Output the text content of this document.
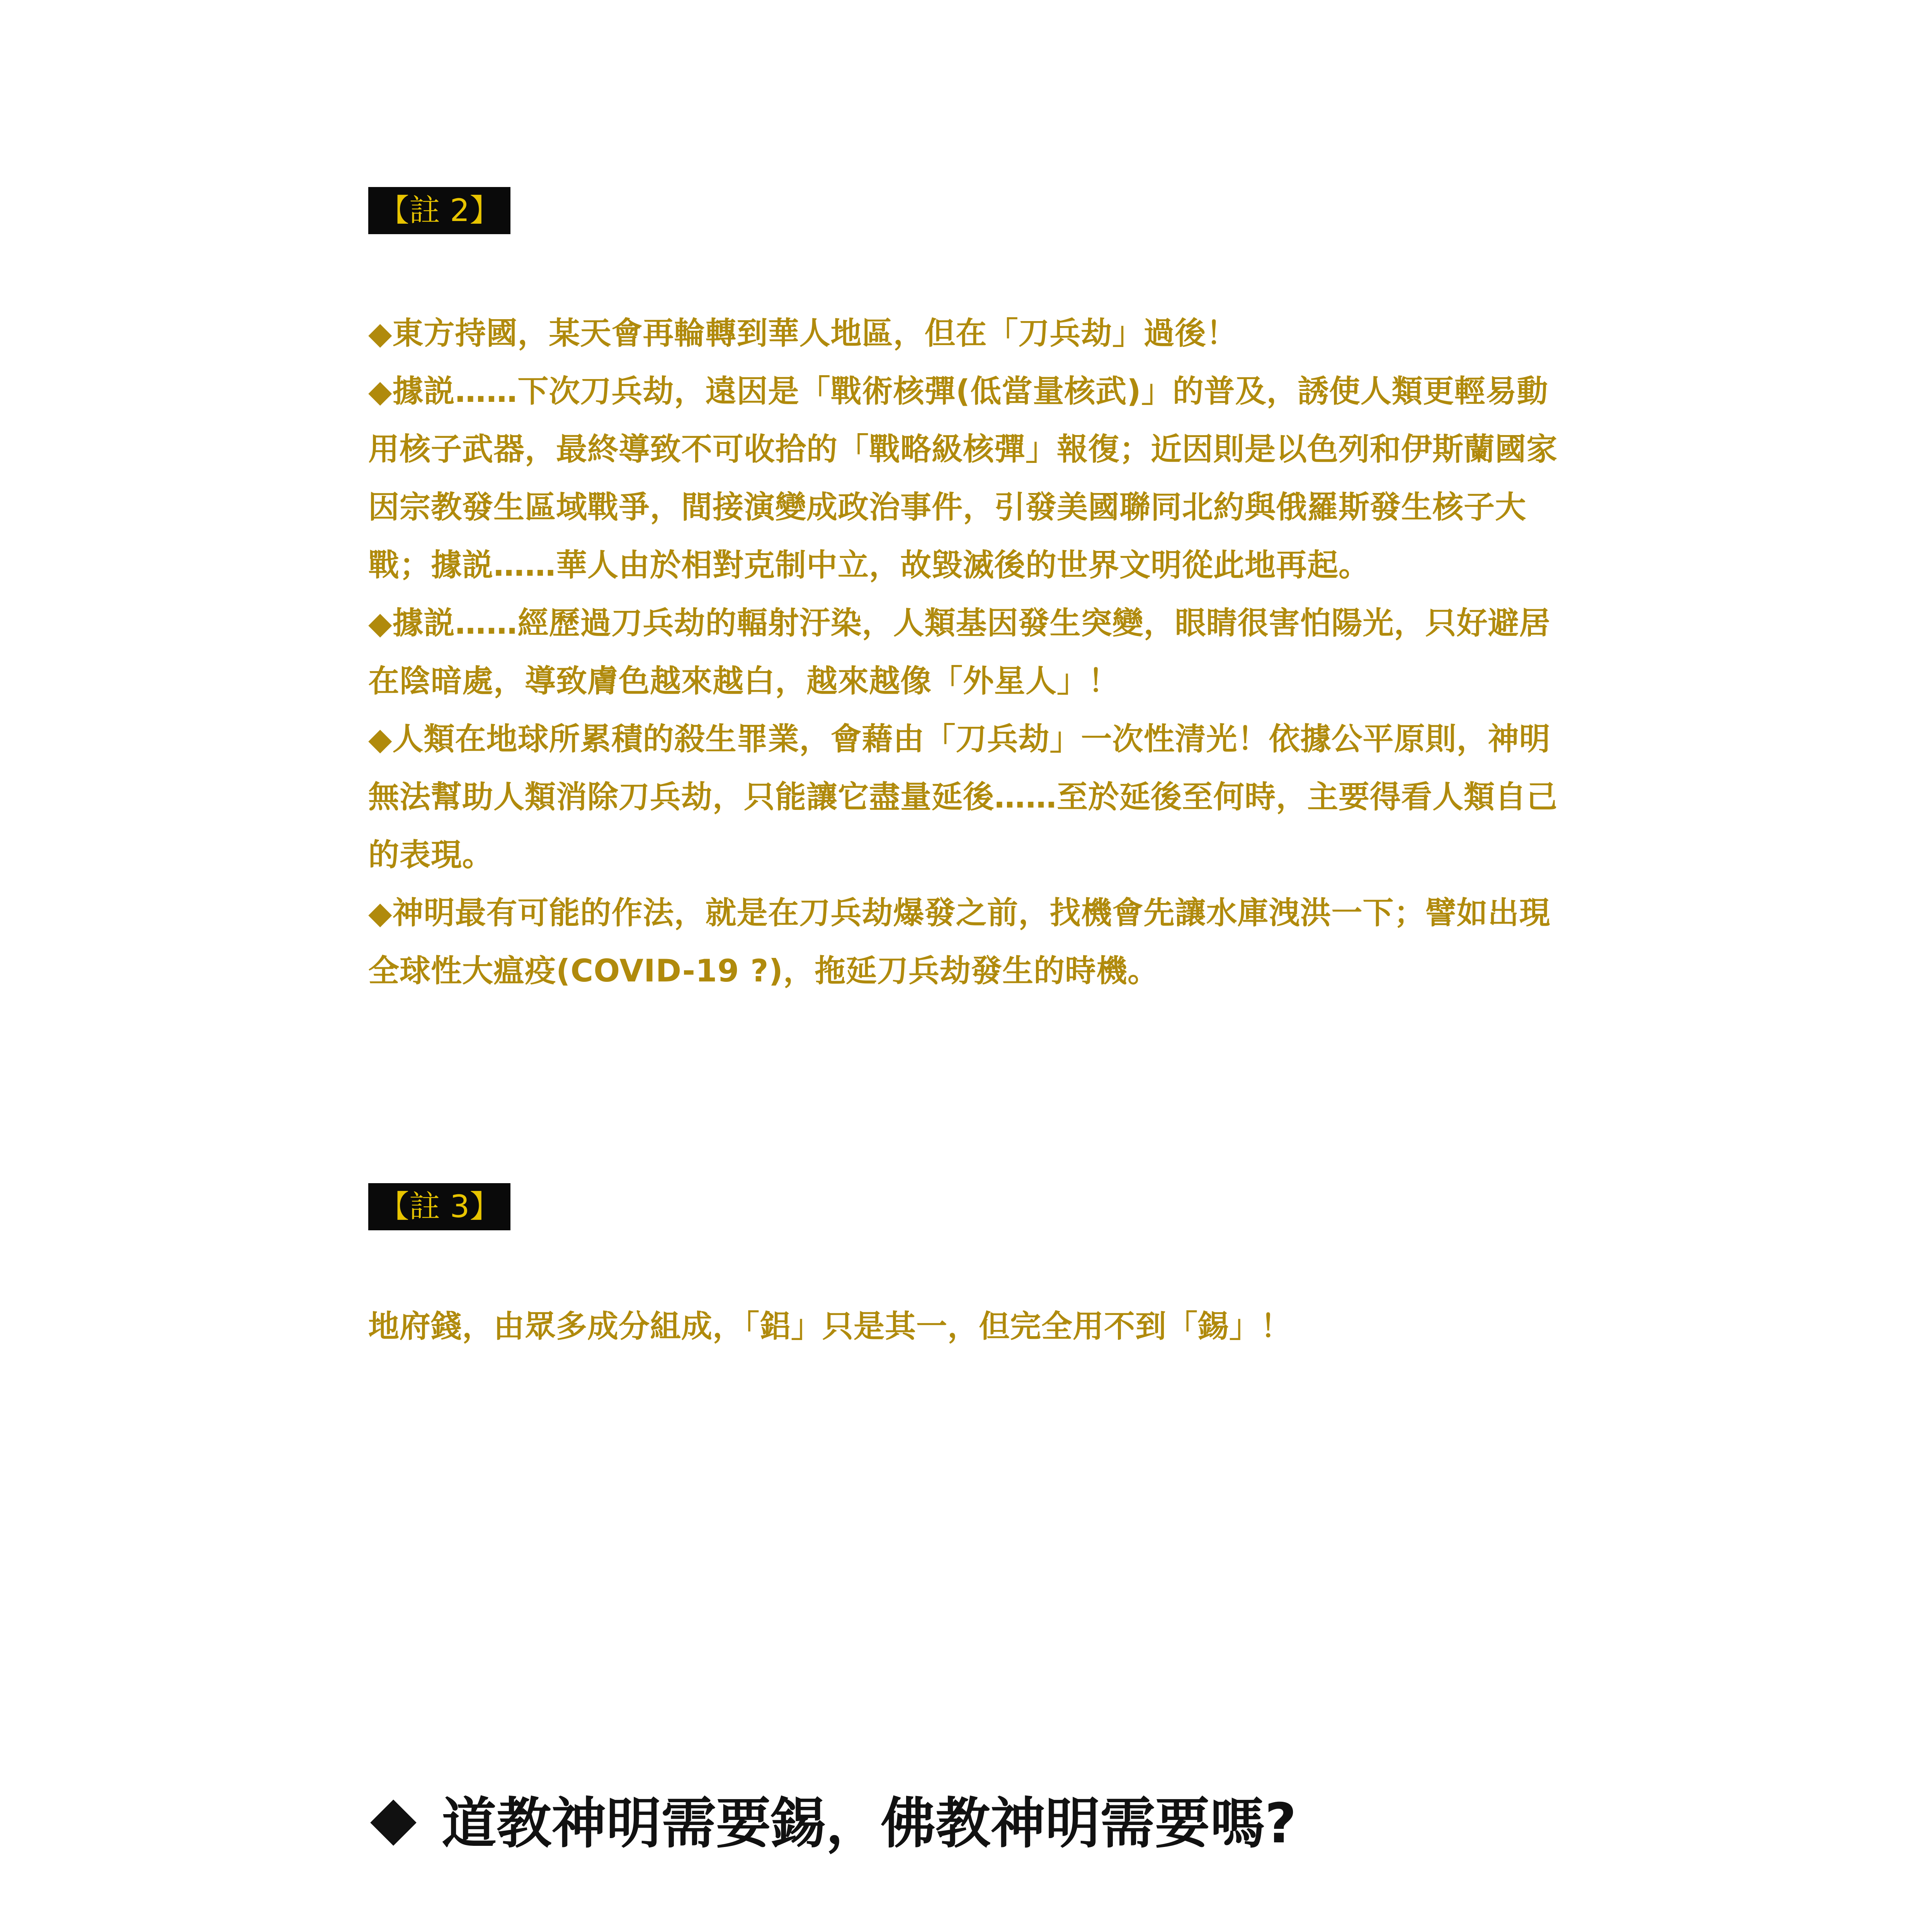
【註 2】

◆東方持國，某天會再輪轉到華人地區，但在「刀兵劫」過後！

◆據説……下次刀兵劫，遠因是「戰術核彈(低當量核武)」的普及，誘使人類更輕易動用核子武器，最終導致不可收拾的「戰略級核彈」報復；近因則是以色列和伊斯蘭國家因宗教發生區域戰爭，間接演變成政治事件，引發美國聯同北約與俄羅斯發生核子大戰；據説……華人由於相對克制中立，故毀滅後的世界文明從此地再起。

◆據説……經歷過刀兵劫的輻射汙染，人類基因發生突變，眼睛很害怕陽光，只好避居在陰暗處，導致膚色越來越白，越來越像「外星人」！

◆人類在地球所累積的殺生罪業，會藉由「刀兵劫」一次性清光！依據公平原則，神明無法幫助人類消除刀兵劫，只能讓它盡量延後……至於延後至何時，主要得看人類自己的表現。

◆神明最有可能的作法，就是在刀兵劫爆發之前，找機會先讓水庫洩洪一下；譬如出現全球性大瘟疫(COVID-19 ?)，拖延刀兵劫發生的時機。

【註 3】

地府錢，由眾多成分組成，「鋁」只是其一，但完全用不到「錫」！

道教神明需要錫，佛教神明需要嗎?
